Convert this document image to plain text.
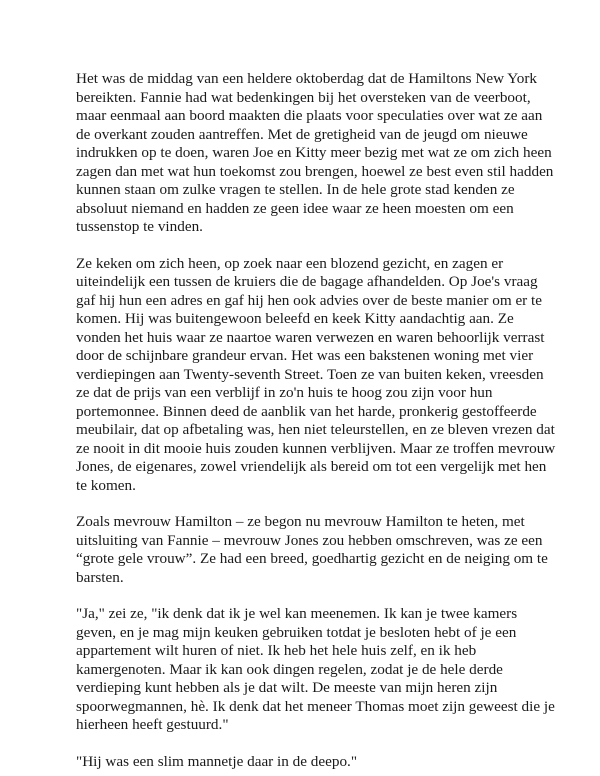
Het was de middag van een heldere oktoberdag dat de Hamiltons New York bereikten. Fannie had wat bedenkingen bij het oversteken van de veerboot, maar eenmaal aan boord maakten die plaats voor speculaties over wat ze aan de overkant zouden aantreffen. Met de gretigheid van de jeugd om nieuwe indrukken op te doen, waren Joe en Kitty meer bezig met wat ze om zich heen zagen dan met wat hun toekomst zou brengen, hoewel ze best even stil hadden kunnen staan om zulke vragen te stellen. In de hele grote stad kenden ze absoluut niemand en hadden ze geen idee waar ze heen moesten om een tussenstop te vinden.

Ze keken om zich heen, op zoek naar een blozend gezicht, en zagen er uiteindelijk een tussen de kruiers die de bagage afhandelden. Op Joe's vraag gaf hij hun een adres en gaf hij hen ook advies over de beste manier om er te komen. Hij was buitengewoon beleefd en keek Kitty aandachtig aan. Ze vonden het huis waar ze naartoe waren verwezen en waren behoorlijk verrast door de schijnbare grandeur ervan. Het was een bakstenen woning met vier verdiepingen aan Twenty-seventh Street. Toen ze van buiten keken, vreesden ze dat de prijs van een verblijf in zo'n huis te hoog zou zijn voor hun portemonnee. Binnen deed de aanblik van het harde, pronkerig gestoffeerde meubilair, dat op afbetaling was, hen niet teleurstellen, en ze bleven vrezen dat ze nooit in dit mooie huis zouden kunnen verblijven. Maar ze troffen mevrouw Jones, de eigenares, zowel vriendelijk als bereid om tot een vergelijk met hen te komen.

Zoals mevrouw Hamilton – ze begon nu mevrouw Hamilton te heten, met uitsluiting van Fannie – mevrouw Jones zou hebben omschreven, was ze een “grote gele vrouw”. Ze had een breed, goedhartig gezicht en de neiging om te barsten.

"Ja," zei ze, "ik denk dat ik je wel kan meenemen. Ik kan je twee kamers geven, en je mag mijn keuken gebruiken totdat je besloten hebt of je een appartement wilt huren of niet. Ik heb het hele huis zelf, en ik heb kamergenoten. Maar ik kan ook dingen regelen, zodat je de hele derde verdieping kunt hebben als je dat wilt. De meeste van mijn heren zijn spoorwegmannen, hè. Ik denk dat het meneer Thomas moet zijn geweest die je hierheen heeft gestuurd."

"Hij was een slim mannetje daar in de deepo."
